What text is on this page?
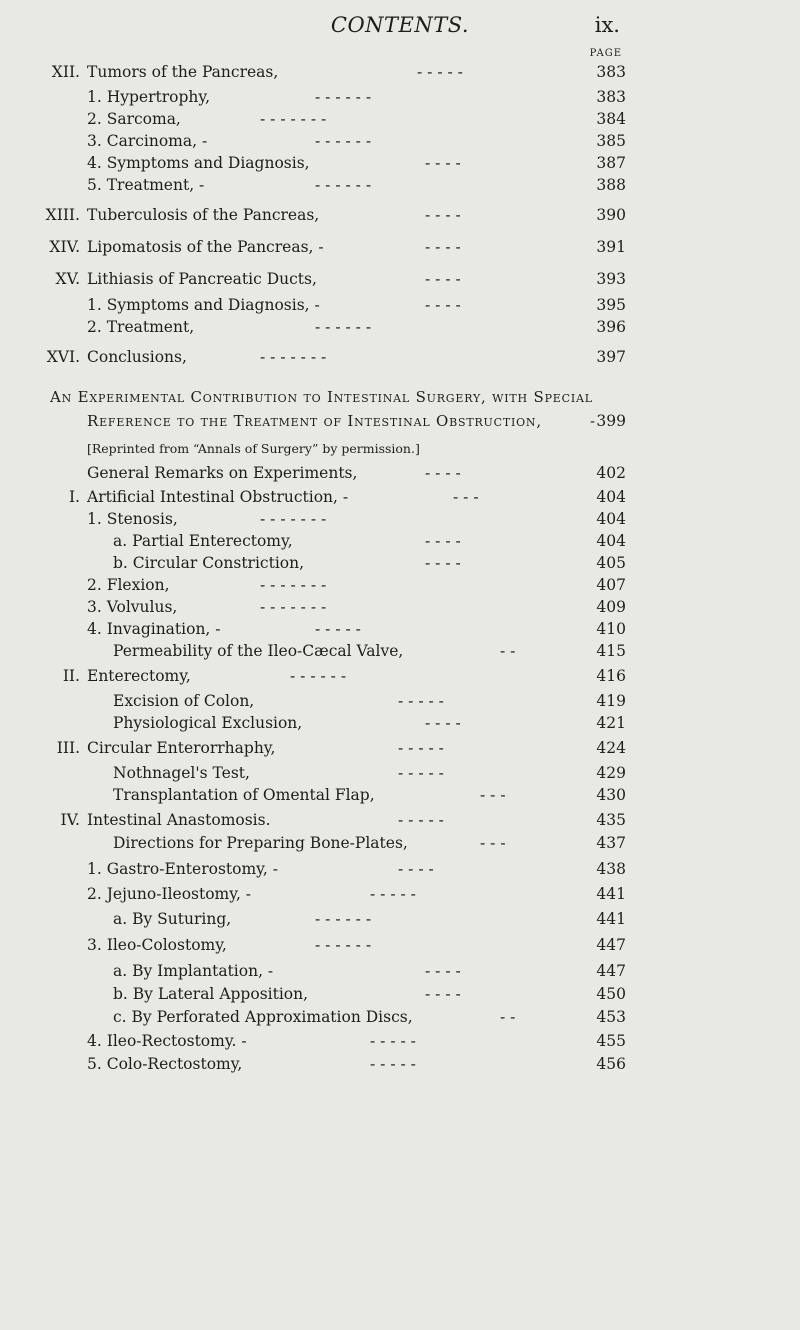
CONTENTS.	ix.
PAGE
XII. Tumors of the Pancreas,	- - - - -	383
1. Hypertrophy,	- - - - - -	383
2. Sarcoma,	- - - - - - -	384
3. Carcinoma, -	- - - - - -	385
4. Symptoms and Diagnosis,	- - - -	387
5. Treatment, -	- - - - - -	388
XIII. Tuberculosis of the Pancreas,	- - - -	390
XIV. Lipomatosis of the Pancreas, -	- - - -	391
XV. Lithiasis of Pancreatic Ducts,	- - - -	393
1. Symptoms and Diagnosis, -	- - - -	395
2. Treatment,	- - - - - -	396
XVI. Conclusions,	- - - - - - -	397
An Experimental Contribution to Intestinal Surgery, with Special
Reference to the Treatment of Intestinal Obstruction,	- 399
[Reprinted from “Annals of Surgery” by permission.]
General Remarks on Experiments,	- - - -	402
I. Artificial Intestinal Obstruction, -	- - -	404
1. Stenosis,	- - - - - - -	404
a. Partial Enterectomy,	- - - -	404
b. Circular Constriction,	- - - -	405
2. Flexion,	- - - - - - -	407
3. Volvulus,	- - - - - - -	409
4. Invagination, -	- - - - -	410
Permeability of the Ileo-Cæcal Valve,	- -	415
II. Enterectomy,	- - - - - -	416
Excision of Colon,	- - - - -	419
Physiological Exclusion,	- - - -	421
III. Circular Enterorrhaphy,	- - - - -	424
Nothnagel's Test,	- - - - -	429
Transplantation of Omental Flap,	- - -	430
IV. Intestinal Anastomosis.	- - - - -	435
Directions for Preparing Bone-Plates,	- - -	437
1. Gastro-Enterostomy, -	- - - -	438
2. Jejuno-Ileostomy, -	- - - - -	441
a. By Suturing,	- - - - - -	441
3. Ileo-Colostomy,	- - - - - -	447
a. By Implantation, -	- - - -	447
b. By Lateral Apposition,	- - - -	450
c. By Perforated Approximation Discs,	- -	453
4. Ileo-Rectostomy. -	- - - - -	455
5. Colo-Rectostomy,	- - - - -	456
